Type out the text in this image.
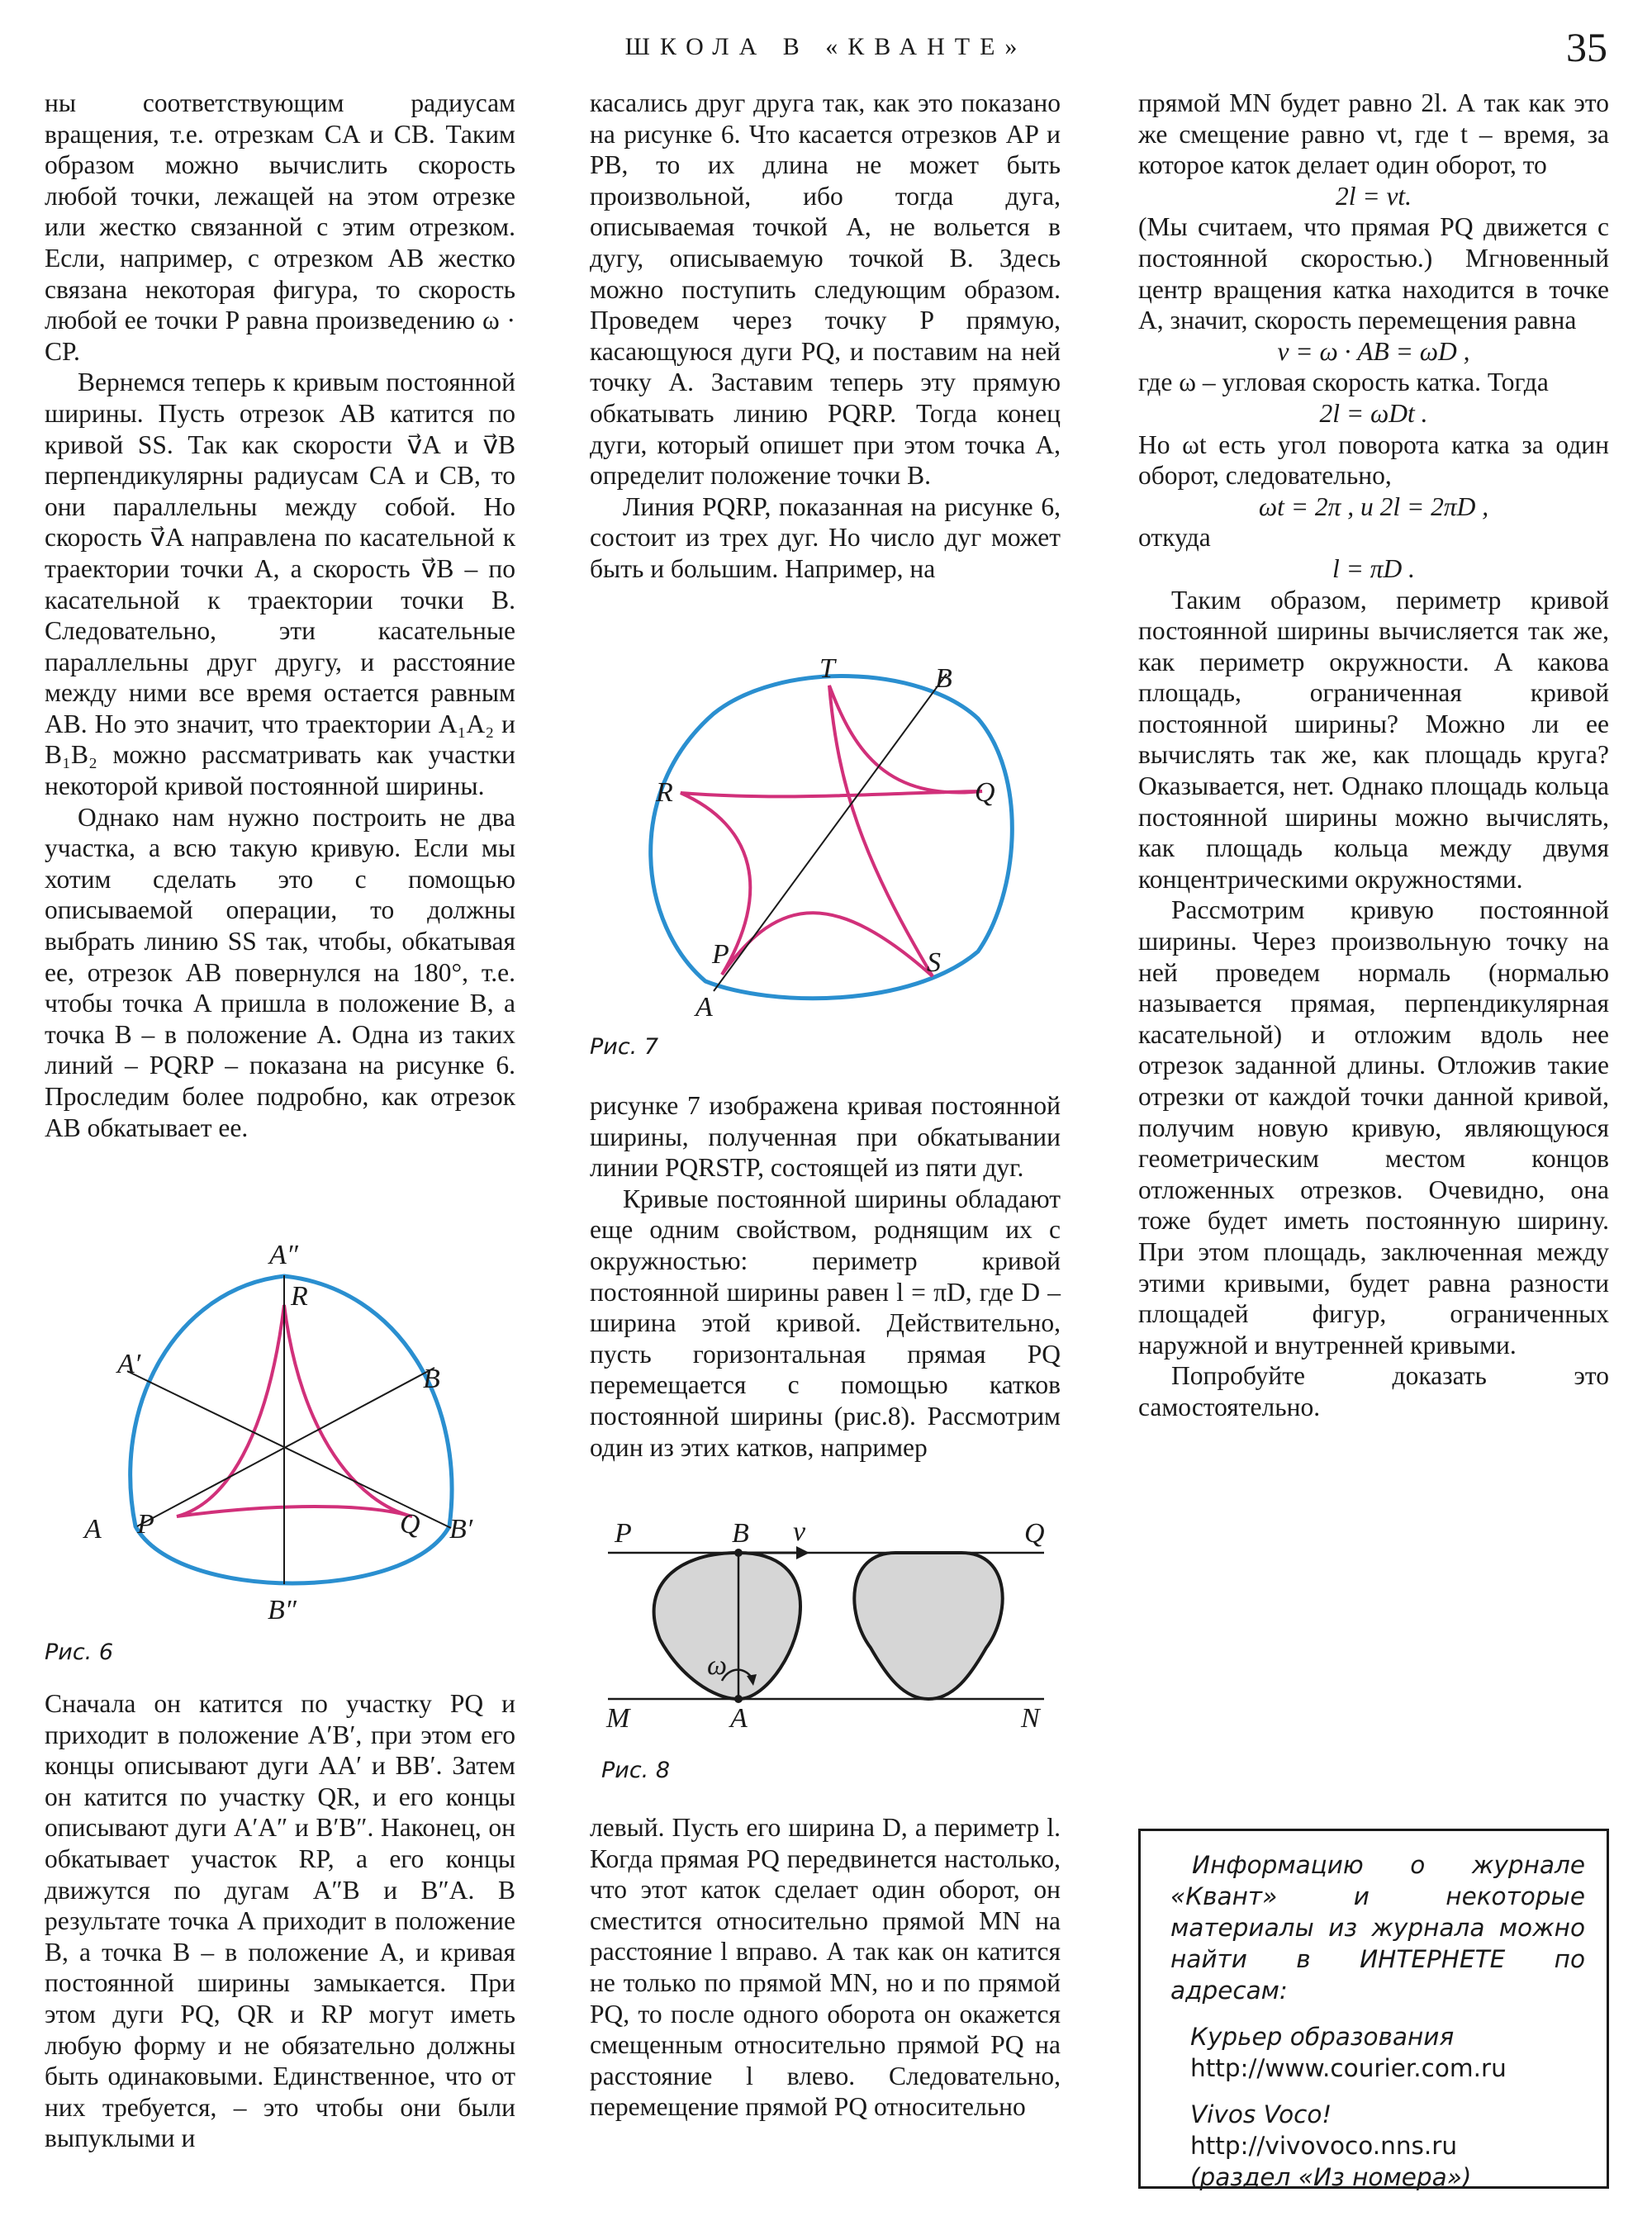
ШКОЛА В «КВАНТЕ»	35

ны соответствующим радиусам вращения, т.е. отрезкам CA и CB. Таким образом можно вычислить скорость любой точки, лежащей на этом отрезке или жестко связанной с этим отрезком. Если, например, с отрезком AB жестко связана некоторая фигура, то скорость любой ее точки P равна произведению ω · CP.

Вернемся теперь к кривым постоянной ширины. Пусть отрезок AB катится по кривой SS. Так как скорости v⃗A и v⃗B перпендикулярны радиусам CA и CB, то они параллельны между собой. Но скорость v⃗A направлена по касательной к траектории точки A, а скорость v⃗B – по касательной к траектории точки B. Следовательно, эти касательные параллельны друг другу, и расстояние между ними все время остается равным AB. Но это значит, что траектории A₁A₂ и B₁B₂ можно рассматривать как участки некоторой кривой постоянной ширины.

Однако нам нужно построить не два участка, а всю такую кривую. Если мы хотим сделать это с помощью описываемой операции, то должны выбрать линию SS так, чтобы, обкатывая ее, отрезок AB повернулся на 180°, т.е. чтобы точка A пришла в положение B, а точка B – в положение A. Одна из таких линий – PQRP – показана на рисунке 6. Проследим более подробно, как отрезок AB обкатывает ее.

A″
R
A′	B
A P	Q B′
B″
Рис. 6

Сначала он катится по участку PQ и приходит в положение A′B′, при этом его концы описывают дуги AA′ и BB′. Затем он катится по участку QR, и его концы описывают дуги A′A″ и B′B″. Наконец, он обкатывает участок RP, а его концы движутся по дугам A″B и B″A. В результате точка A приходит в положение B, а точка B – в положение A, и кривая постоянной ширины замыкается. При этом дуги PQ, QR и RP могут иметь любую форму и не обязательно должны быть одинаковыми. Единственное, что от них требуется, – это чтобы они были выпуклыми и

касались друг друга так, как это показано на рисунке 6. Что касается отрезков AP и PB, то их длина не может быть произвольной, ибо тогда дуга, описываемая точкой A, не вольется в дугу, описываемую точкой B. Здесь можно поступить следующим образом. Проведем через точку P прямую, касающуюся дуги PQ, и поставим на ней точку A. Заставим теперь эту прямую обкатывать линию PQRP. Тогда конец дуги, который опишет при этом точка A, определит положение точки B.

Линия PQRP, показанная на рисунке 6, состоит из трех дуг. Но число дуг может быть и большим. Например, на

T	B
R	Q
P	S
A
Рис. 7

рисунке 7 изображена кривая постоянной ширины, полученная при обкатывании линии PQRSTP, состоящей из пяти дуг.

Кривые постоянной ширины обладают еще одним свойством, роднящим их с окружностью: периметр кривой постоянной ширины равен l = πD, где D – ширина этой кривой. Действительно, пусть горизонтальная прямая PQ перемещается с помощью катков постоянной ширины (рис.8). Рассмотрим один из этих катков, например

P	B v	Q
ω
M	A	N
Рис. 8

левый. Пусть его ширина D, а периметр l. Когда прямая PQ передвинется настолько, что этот каток сделает один оборот, он сместится относительно прямой MN на расстояние l вправо. А так как он катится не только по прямой MN, но и по прямой PQ, то после одного оборота он окажется смещенным относительно прямой PQ на расстояние l влево. Следовательно, перемещение прямой PQ относительно

прямой MN будет равно 2l. А так как это же смещение равно vt, где t – время, за которое каток делает один оборот, то

2l = vt.

(Мы считаем, что прямая PQ движется с постоянной скоростью.) Мгновенный центр вращения катка находится в точке A, значит, скорость перемещения равна

v = ω · AB = ωD ,

где ω – угловая скорость катка. Тогда

2l = ωDt .

Но ωt есть угол поворота катка за один оборот, следовательно,

ωt = 2π , и 2l = 2πD ,

откуда

l = πD .

Таким образом, периметр кривой постоянной ширины вычисляется так же, как периметр окружности. А какова площадь, ограниченная кривой постоянной ширины? Можно ли ее вычислять так же, как площадь круга? Оказывается, нет. Однако площадь кольца постоянной ширины можно вычислять, как площадь кольца между двумя концентрическими окружностями.

Рассмотрим кривую постоянной ширины. Через произвольную точку на ней проведем нормаль (нормалью называется прямая, перпендикулярная касательной) и отложим вдоль нее отрезок заданной длины. Отложив такие отрезки от каждой точки данной кривой, получим новую кривую, являющуюся геометрическим местом концов отложенных отрезков. Очевидно, она тоже будет иметь постоянную ширину. При этом площадь, заключенная между этими кривыми, будет равна разности площадей фигур, ограниченных наружной и внутренней кривыми.

Попробуйте доказать это самостоятельно.

Информацию о журнале «Квант» и некоторые материалы из журнала можно найти в ИНТЕРНЕТЕ по адресам:
Курьер образования
http://www.courier.com.ru
Vivos Voco!
http://vivovoco.nns.ru
(раздел «Из номера»)
